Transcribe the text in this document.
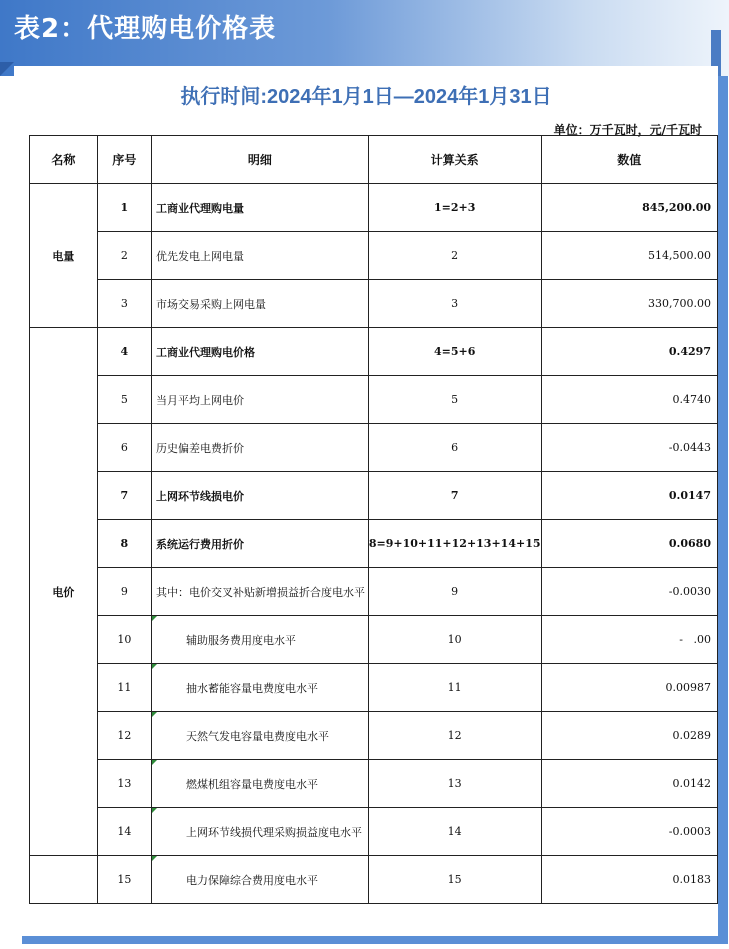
表2：代理购电价格表
执行时间:2024年1月1日—2024年1月31日
单位：万千瓦时，元/千瓦时
名称	序号	明细	计算关系	数值
电量	1	工商业代理购电量	1=2+3	845,200.00
	2	优先发电上网电量	2	514,500.00
	3	市场交易采购上网电量	3	330,700.00
电价	4	工商业代理购电价格	4=5+6	0.4297
	5	当月平均上网电价	5	0.4740
	6	历史偏差电费折价	6	-0.0443
	7	上网环节线损电价	7	0.0147
	8	系统运行费用折价	8=9+10+11+12+13+14+15	0.0680
	9	其中：电价交叉补贴新增损益折合度电水平	9	-0.0030
	10	辅助服务费用度电水平	10	-   .00
	11	抽水蓄能容量电费度电水平	11	0.00987
	12	天然气发电容量电费度电水平	12	0.0289
	13	燃煤机组容量电费度电水平	13	0.0142
	14	上网环节线损代理采购损益度电水平	14	-0.0003
	15	电力保障综合费用度电水平	15	0.0183
